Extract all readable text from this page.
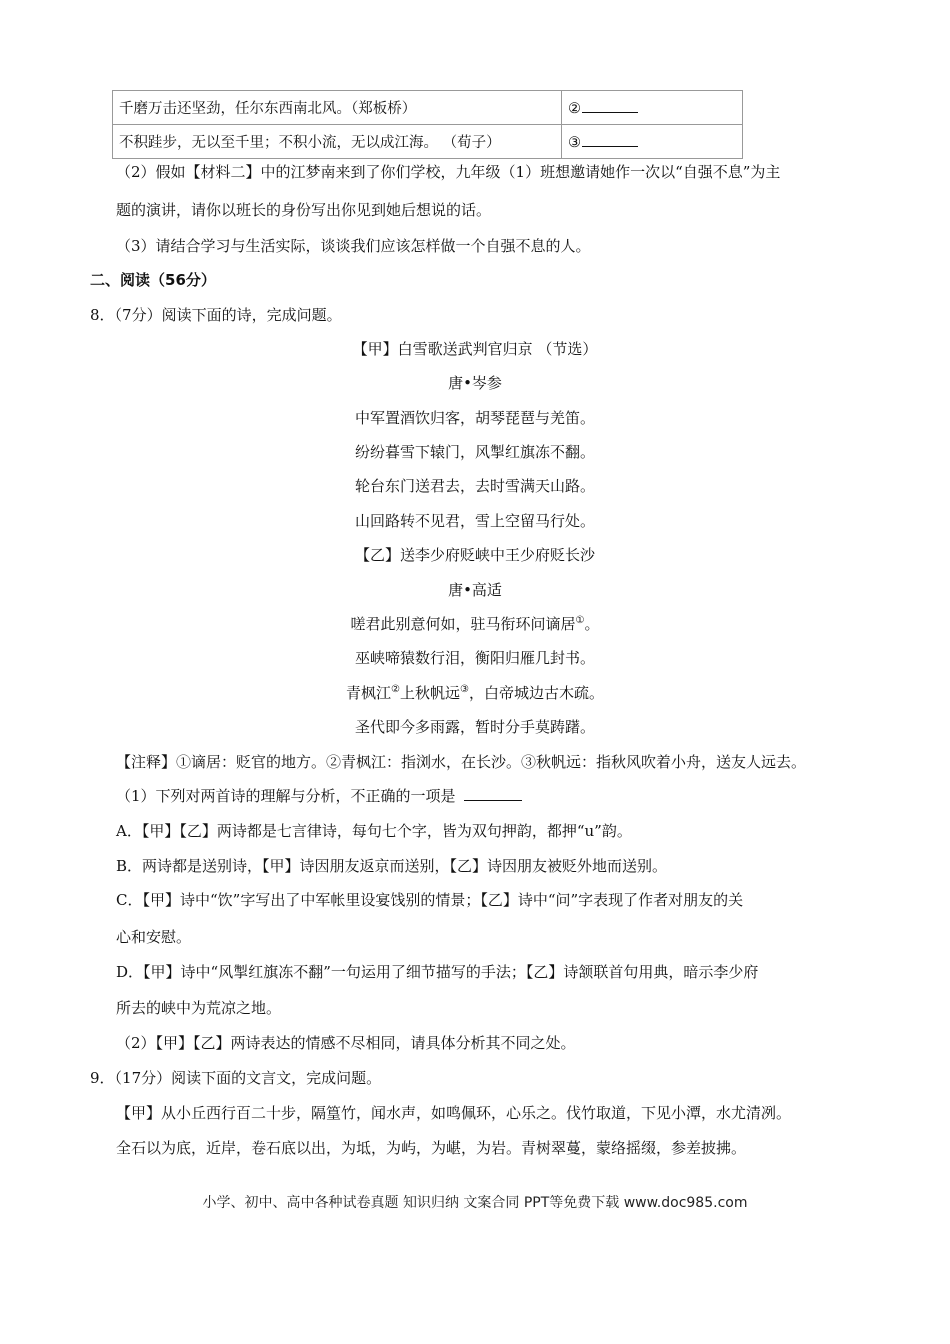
千磨万击还坚劲，任尔东西南北风。（郑板桥）	②
不积跬步，无以至千里；不积小流，无以成江海。 （荀子）	③
（2）假如【材料二】中的江梦南来到了你们学校，九年级（1）班想邀请她作一次以“自强不息”为主
题的演讲，请你以班长的身份写出你见到她后想说的话。
（3）请结合学习与生活实际，谈谈我们应该怎样做一个自强不息的人。
二、阅读（56分）
8．（7分）阅读下面的诗，完成问题。
【甲】白雪歌送武判官归京 （节选）
唐•岑参
中军置酒饮归客，胡琴琵琶与羌笛。
纷纷暮雪下辕门，风掣红旗冻不翻。
轮台东门送君去，去时雪满天山路。
山回路转不见君，雪上空留马行处。
【乙】送李少府贬峡中王少府贬长沙
唐•高适
嗟君此别意何如，驻马衔环问谪居①。
巫峡啼猿数行泪，衡阳归雁几封书。
青枫江②上秋帆远③，白帝城边古木疏。
圣代即今多雨露，暂时分手莫踌躇。
【注释】①谪居：贬官的地方。②青枫江：指浏水，在长沙。③秋帆远：指秋风吹着小舟，送友人远去。
（1）下列对两首诗的理解与分析，不正确的一项是
A．【甲】【乙】两诗都是七言律诗，每句七个字，皆为双句押韵，都押“u”韵。
B．两诗都是送别诗，【甲】诗因朋友返京而送别，【乙】诗因朋友被贬外地而送别。
C．【甲】诗中“饮”字写出了中军帐里设宴饯别的情景；【乙】诗中“问”字表现了作者对朋友的关
心和安慰。
D．【甲】诗中“风掣红旗冻不翻”一句运用了细节描写的手法；【乙】诗颔联首句用典，暗示李少府
所去的峡中为荒凉之地。
（2）【甲】【乙】两诗表达的情感不尽相同，请具体分析其不同之处。
9．（17分）阅读下面的文言文，完成问题。
【甲】从小丘西行百二十步，隔篁竹，闻水声，如鸣佩环，心乐之。伐竹取道，下见小潭，水尤清冽。
全石以为底，近岸，卷石底以出，为坻，为屿，为嵁，为岩。青树翠蔓，蒙络摇缀，参差披拂。
小学、初中、高中各种试卷真题 知识归纳 文案合同 PPT等免费下载 www.doc985.com
